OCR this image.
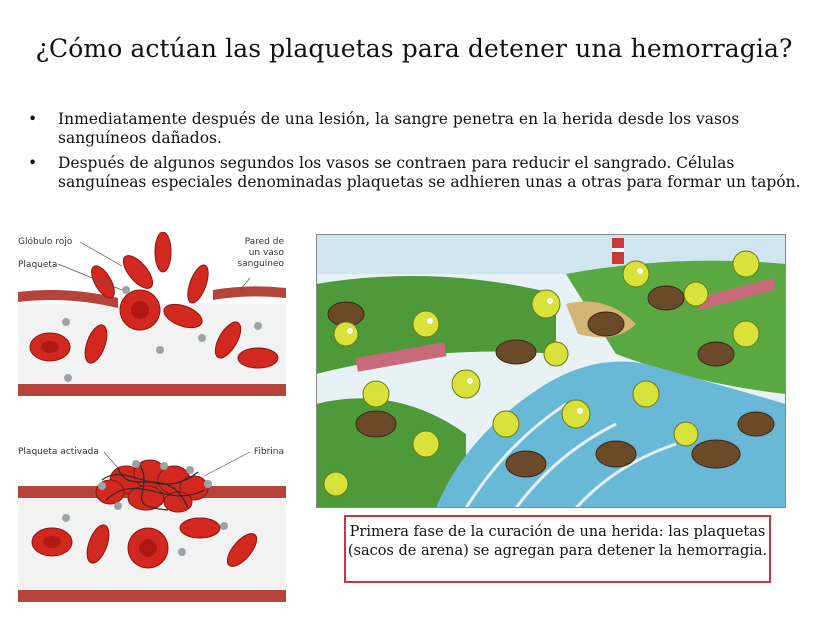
¿Cómo actúan las plaquetas para detener una hemorragia?
• Inmediatamente después de una lesión, la sangre penetra en la herida desde los vasos sanguíneos dañados.
• Después de algunos segundos los vasos se contraen para reducir el sangrado. Células sanguíneas especiales denominadas plaquetas se adhieren unas a otras para formar un tapón.
Glóbulo rojo
Plaqueta
Pared de
un vaso
sanguíneo
Plaqueta activada	Fibrina
Primera fase de la curación de una herida: las plaquetas (sacos de arena) se agregan para detener la hemorragia.
